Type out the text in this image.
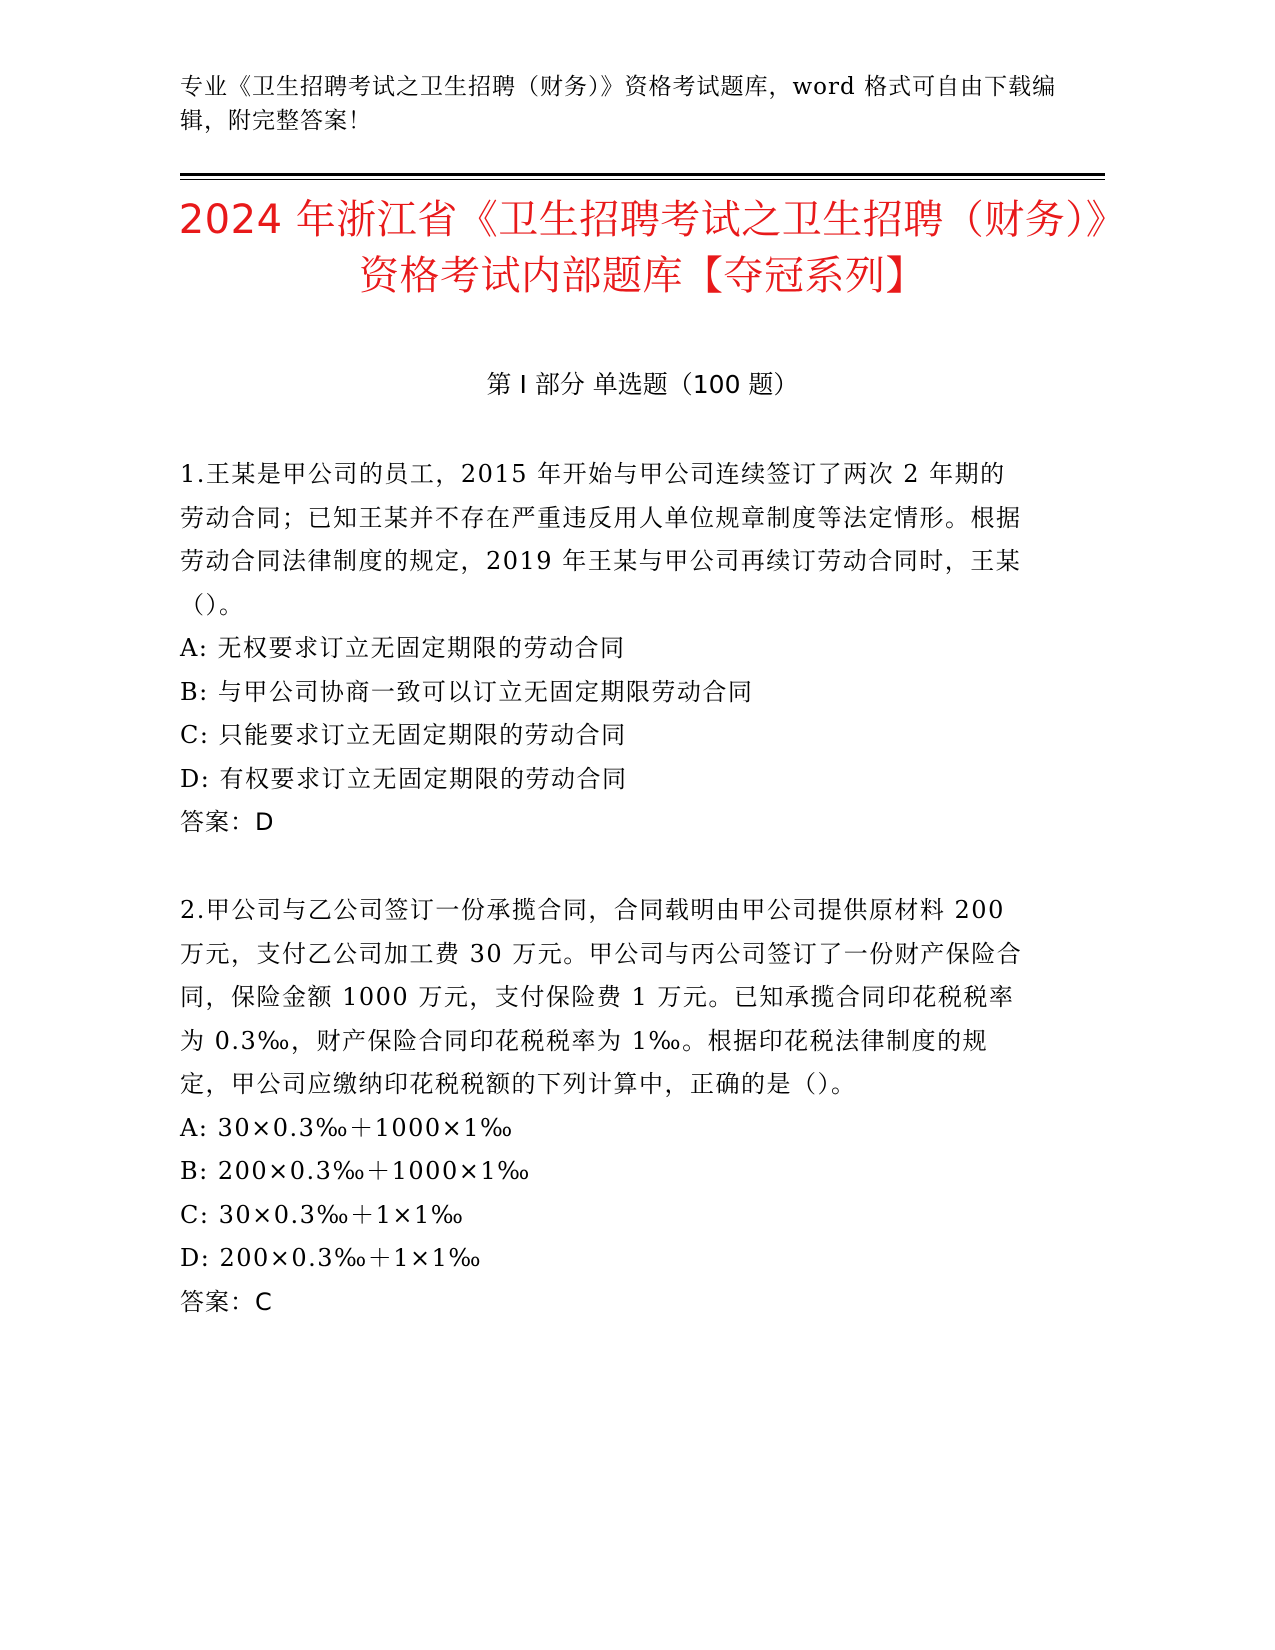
专业《卫生招聘考试之卫生招聘（财务）》资格考试题库，word 格式可自由下载编辑，附完整答案！
2024 年浙江省《卫生招聘考试之卫生招聘（财务）》资格考试内部题库【夺冠系列】
第 I 部分 单选题（100 题）
1.王某是甲公司的员工，2015 年开始与甲公司连续签订了两次 2 年期的劳动合同；已知王某并不存在严重违反用人单位规章制度等法定情形。根据劳动合同法律制度的规定，2019 年王某与甲公司再续订劳动合同时，王某（）。
A: 无权要求订立无固定期限的劳动合同
B: 与甲公司协商一致可以订立无固定期限劳动合同
C: 只能要求订立无固定期限的劳动合同
D: 有权要求订立无固定期限的劳动合同
答案：D
2.甲公司与乙公司签订一份承揽合同，合同载明由甲公司提供原材料 200 万元，支付乙公司加工费 30 万元。甲公司与丙公司签订了一份财产保险合同，保险金额 1000 万元，支付保险费 1 万元。已知承揽合同印花税税率为 0.3‰，财产保险合同印花税税率为 1‰。根据印花税法律制度的规定，甲公司应缴纳印花税税额的下列计算中，正确的是（）。
A: 30×0.3‰＋1000×1‰
B: 200×0.3‰＋1000×1‰
C: 30×0.3‰＋1×1‰
D: 200×0.3‰＋1×1‰
答案：C
